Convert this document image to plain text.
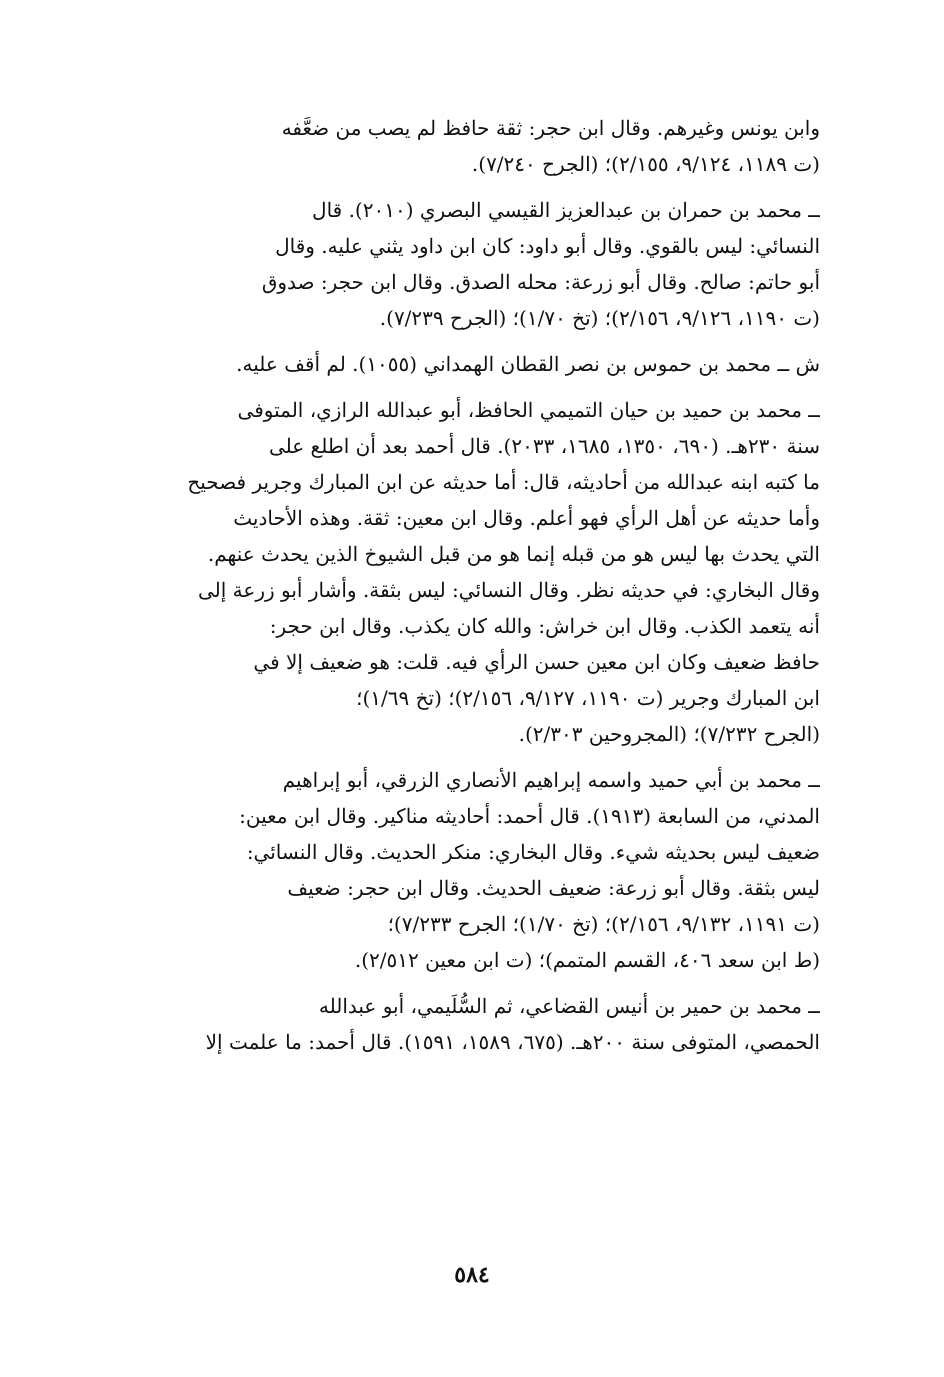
وابن يونس وغيرهم. وقال ابن حجر: ثقة حافظ لم يصب من ضعَّفه
(ت ١١٨٩، ٩/١٢٤، ٢/١٥٥)؛ (الجرح ٧/٢٤٠).
ــ محمد بن حمران بن عبدالعزيز القيسي البصري (٢٠١٠). قال
النسائي: ليس بالقوي. وقال أبو داود: كان ابن داود يثني عليه. وقال
أبو حاتم: صالح. وقال أبو زرعة: محله الصدق. وقال ابن حجر: صدوق
(ت ١١٩٠، ٩/١٢٦، ٢/١٥٦)؛ (تخ ١/٧٠)؛ (الجرح ٧/٢٣٩).
ش ــ محمد بن حموس بن نصر القطان الهمداني (١٠٥٥). لم أقف عليه.
ــ محمد بن حميد بن حيان التميمي الحافظ، أبو عبدالله الرازي، المتوفى
سنة ٢٣٠هـ. (٦٩٠، ١٣٥٠، ١٦٨٥، ٢٠٣٣). قال أحمد بعد أن اطلع على
ما كتبه ابنه عبدالله من أحاديثه، قال: أما حديثه عن ابن المبارك وجرير فصحيح
وأما حديثه عن أهل الرأي فهو أعلم. وقال ابن معين: ثقة. وهذه الأحاديث
التي يحدث بها ليس هو من قبله إنما هو من قبل الشيوخ الذين يحدث عنهم.
وقال البخاري: في حديثه نظر. وقال النسائي: ليس بثقة. وأشار أبو زرعة إلى
أنه يتعمد الكذب. وقال ابن خراش: والله كان يكذب. وقال ابن حجر:
حافظ ضعيف وكان ابن معين حسن الرأي فيه. قلت: هو ضعيف إلا في
ابن المبارك وجرير (ت ١١٩٠، ٩/١٢٧، ٢/١٥٦)؛ (تخ ١/٦٩)؛
(الجرح ٧/٢٣٢)؛ (المجروحين ٢/٣٠٣).
ــ محمد بن أبي حميد واسمه إبراهيم الأنصاري الزرقي، أبو إبراهيم
المدني، من السابعة (١٩١٣). قال أحمد: أحاديثه مناكير. وقال ابن معين:
ضعيف ليس بحديثه شيء. وقال البخاري: منكر الحديث. وقال النسائي:
ليس بثقة. وقال أبو زرعة: ضعيف الحديث. وقال ابن حجر: ضعيف
(ت ١١٩١، ٩/١٣٢، ٢/١٥٦)؛ (تخ ١/٧٠)؛ الجرح ٧/٢٣٣)؛
(ط ابن سعد ٤٠٦، القسم المتمم)؛ (ت ابن معين ٢/٥١٢).
ــ محمد بن حمير بن أنيس القضاعي، ثم السُّلَيمي، أبو عبدالله
الحمصي، المتوفى سنة ٢٠٠هـ. (٦٧٥، ١٥٨٩، ١٥٩١). قال أحمد: ما علمت إلا
٥٨٤
